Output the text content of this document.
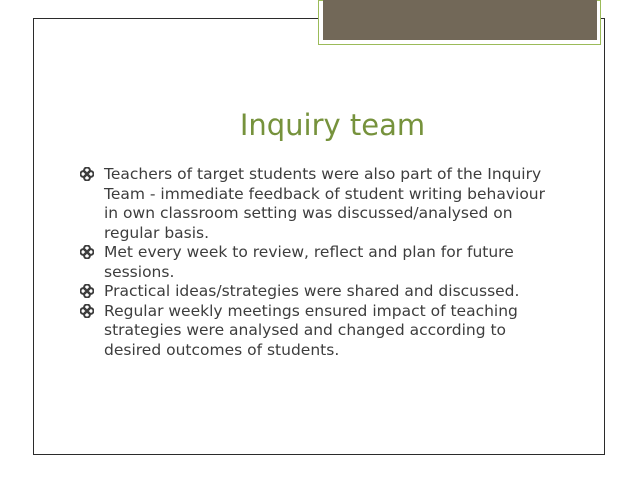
Inquiry team
Teachers of target students were also part of the Inquiry Team - immediate feedback of student writing behaviour in own classroom setting was discussed/analysed on regular basis.
Met every week to review, reflect and plan for future sessions.
Practical ideas/strategies were shared and discussed.
Regular weekly meetings ensured impact of teaching strategies were analysed and changed according to desired outcomes of students.
